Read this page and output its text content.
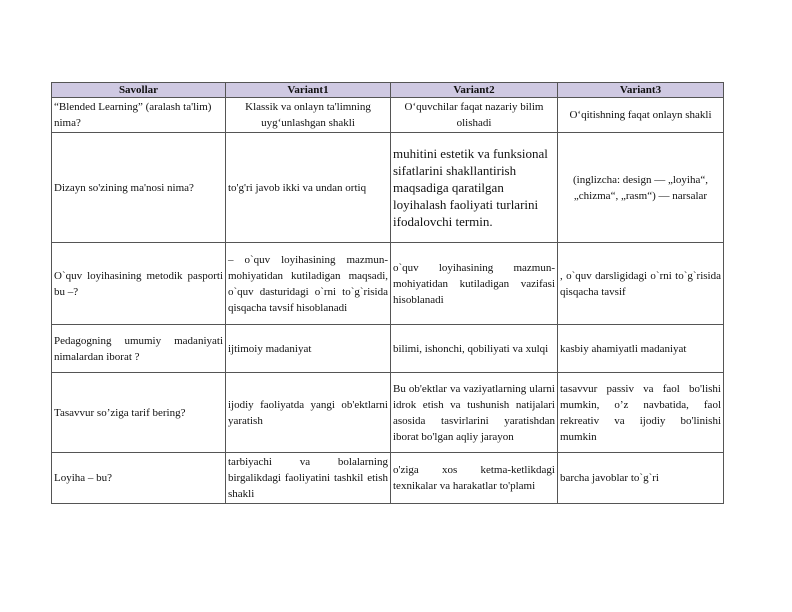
Savollar	Variant1	Variant2	Variant3
“Blended Learning” (aralash ta'lim) nima?	Klassik va onlayn ta'limning uyg‘unlashgan shakli	O‘quvchilar faqat nazariy bilim olishadi	O‘qitishning faqat onlayn shakli
Dizayn so'zining ma'nosi nima?	to'g'ri javob ikki va undan ortiq	muhitini estetik va funksional sifatlarini shakllantirish maqsadiga qaratilgan loyihalash faoliyati turlarini ifodalovchi termin.	(inglizcha: design — „loyiha“, „chizma“, „rasm“) — narsalar
O`quv loyihasining metodik pasporti bu –?	– o`quv loyihasining mazmun-mohiyatidan kutiladigan maqsadi, o`quv dasturidagi o`rni to`g`risida qisqacha tavsif hisoblanadi	o`quv loyihasining mazmun-mohiyatidan kutiladigan vazifasi hisoblanadi	, o`quv darsligidagi o`rni to`g`risida qisqacha tavsif
Pedagogning umumiy madaniyati nimalardan iborat ?	ijtimoiy madaniyat	bilimi, ishonchi, qobiliyati va xulqi	kasbiy ahamiyatli madaniyat
Tasavvur so’ziga tarif bering?	ijodiy faoliyatda yangi ob'ektlarni yaratish	Bu ob'ektlar va vaziyatlarning ularni idrok etish va tushunish natijalari asosida tasvirlarini yaratishdan iborat bo'lgan aqliy jarayon	tasavvur passiv va faol bo'lishi mumkin, o’z navbatida, faol rekreativ va ijodiy bo'linishi mumkin
Loyiha – bu?	tarbiyachi va bolalarning birgalikdagi faoliyatini tashkil etish shakli	o'ziga xos ketma-ketlikdagi texnikalar va harakatlar to'plami	barcha javoblar to`g`ri
